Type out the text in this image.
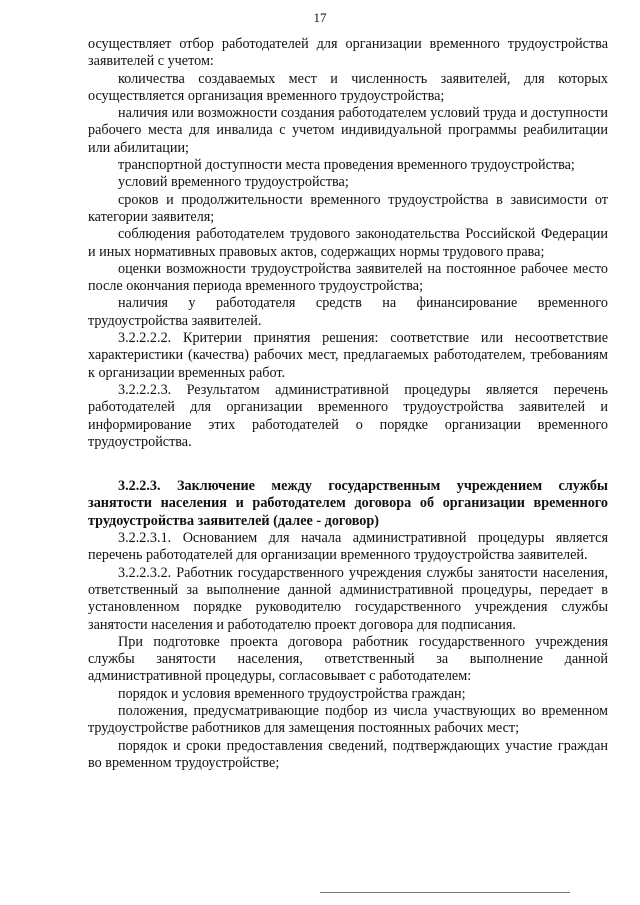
17

осуществляет отбор работодателей для организации временного трудоустройства заявителей с учетом:

количества создаваемых мест и численность заявителей, для которых осуществляется организация временного трудоустройства;

наличия или возможности создания работодателем условий труда и доступности рабочего места для инвалида с учетом индивидуальной программы реабилитации или абилитации;

транспортной доступности места проведения временного трудоустройства;

условий временного трудоустройства;

сроков и продолжительности временного трудоустройства в зависимости от категории заявителя;

соблюдения работодателем трудового законодательства Российской Федерации и иных нормативных правовых актов, содержащих нормы трудового права;

оценки возможности трудоустройства заявителей на постоянное рабочее место после окончания периода временного трудоустройства;

наличия у работодателя средств на финансирование временного трудоустройства заявителей.

3.2.2.2.2. Критерии принятия решения: соответствие или несоответствие характеристики (качества) рабочих мест, предлагаемых работодателем, требованиям к организации временных работ.

3.2.2.2.3. Результатом административной процедуры является перечень работодателей для организации временного трудоустройства заявителей и информирование этих работодателей о порядке организации временного трудоустройства.

3.2.2.3. Заключение между государственным учреждением службы занятости населения и работодателем договора об организации временного трудоустройства заявителей (далее - договор)

3.2.2.3.1. Основанием для начала административной процедуры является перечень работодателей для организации временного трудоустройства заявителей.

3.2.2.3.2. Работник государственного учреждения службы занятости населения, ответственный за выполнение данной административной процедуры, передает в установленном порядке руководителю государственного учреждения службы занятости населения и работодателю проект договора для подписания.

При подготовке проекта договора работник государственного учреждения службы занятости населения, ответственный за выполнение данной административной процедуры, согласовывает с работодателем:

порядок и условия временного трудоустройства граждан;

положения, предусматривающие подбор из числа участвующих во временном трудоустройстве работников для замещения постоянных рабочих мест;

порядок и сроки предоставления сведений, подтверждающих участие граждан во временном трудоустройстве;
